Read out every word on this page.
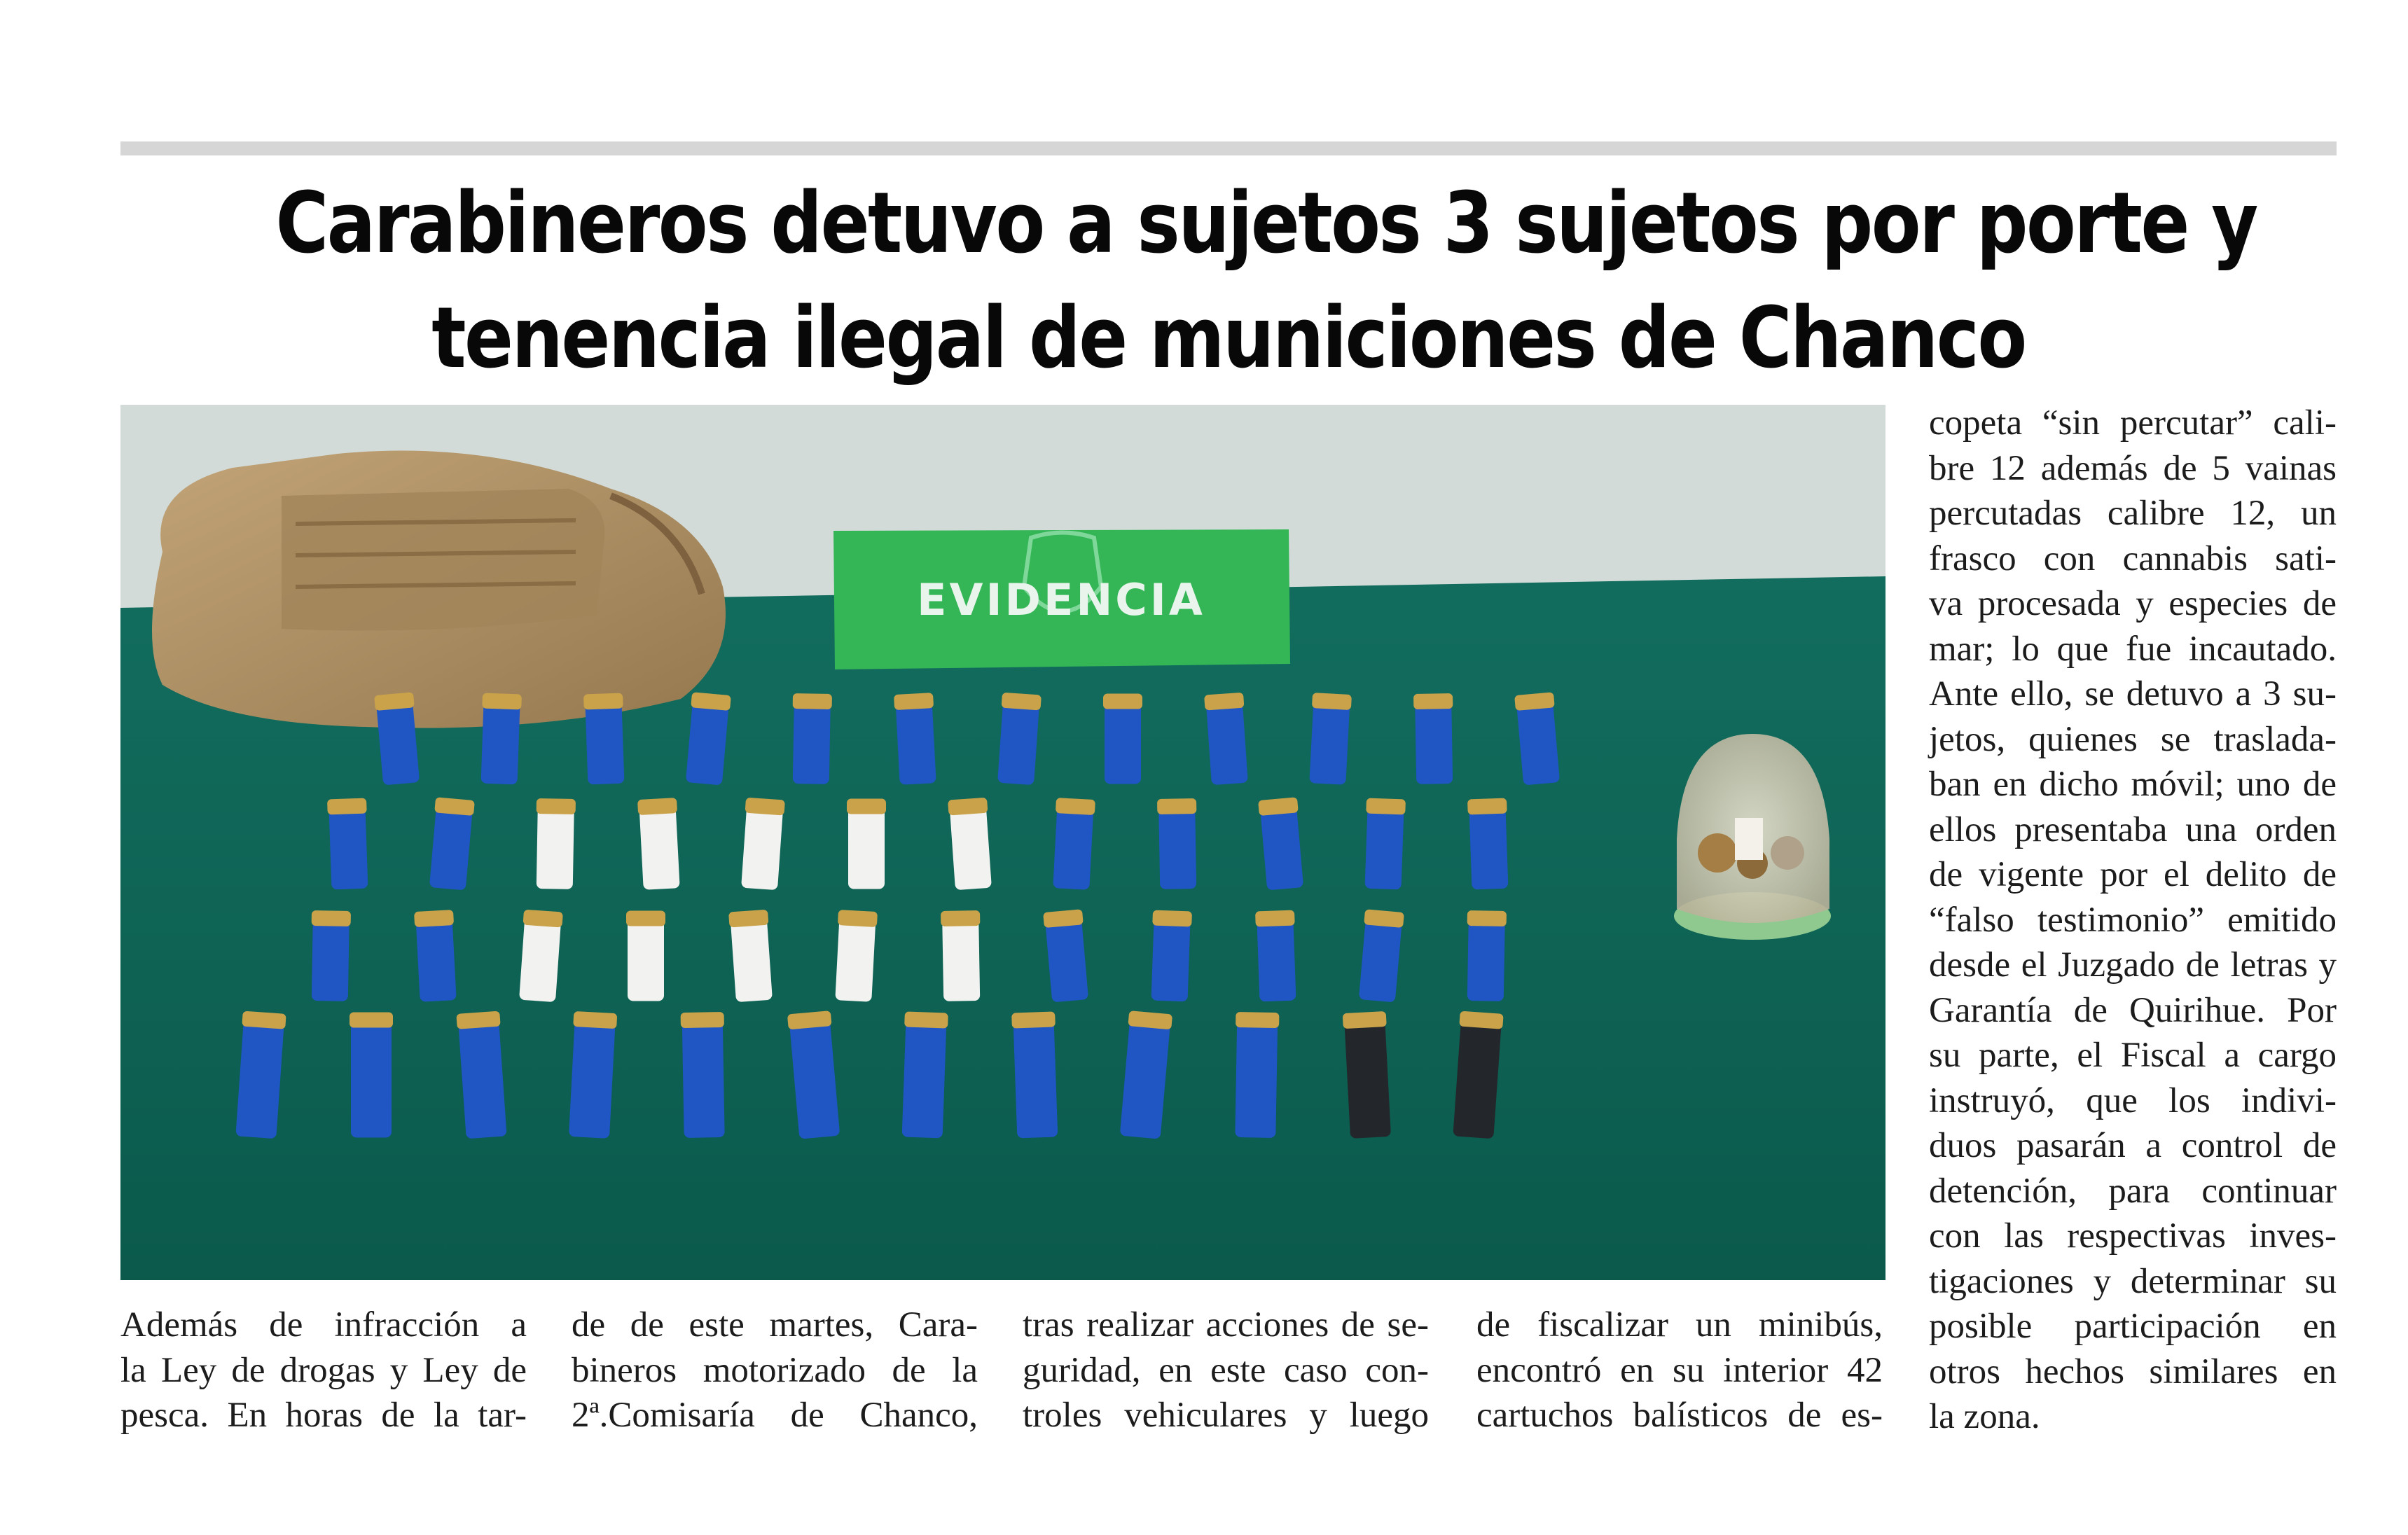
Carabineros detuvo a sujetos 3 sujetos por porte y
tenencia ilegal de municiones de Chanco
EVIDENCIA

Además de infracción a

la Ley de drogas y Ley de

pesca. En horas de la tar-

de de este martes, Cara-

bineros motorizado de la

2ª.Comisaría de Chanco,

tras realizar acciones de se-

guridad, en este caso con-

troles vehiculares y luego

de fiscalizar un minibús,

encontró en su interior 42

cartuchos balísticos de es-

copeta “sin percutar” cali-

bre 12 además de 5 vainas

percutadas calibre 12, un

frasco con cannabis sati-

va procesada y especies de

mar; lo que fue incautado.

Ante ello, se detuvo a 3 su-

jetos, quienes se traslada-

ban en dicho móvil; uno de

ellos presentaba una orden

de vigente por el delito de

“falso testimonio” emitido

desde el Juzgado de letras y

Garantía de Quirihue. Por

su parte, el Fiscal a cargo

instruyó, que los indivi-

duos pasarán a control de

detención, para continuar

con las respectivas inves-

tigaciones y determinar su

posible participación en

otros hechos similares en

la zona.
